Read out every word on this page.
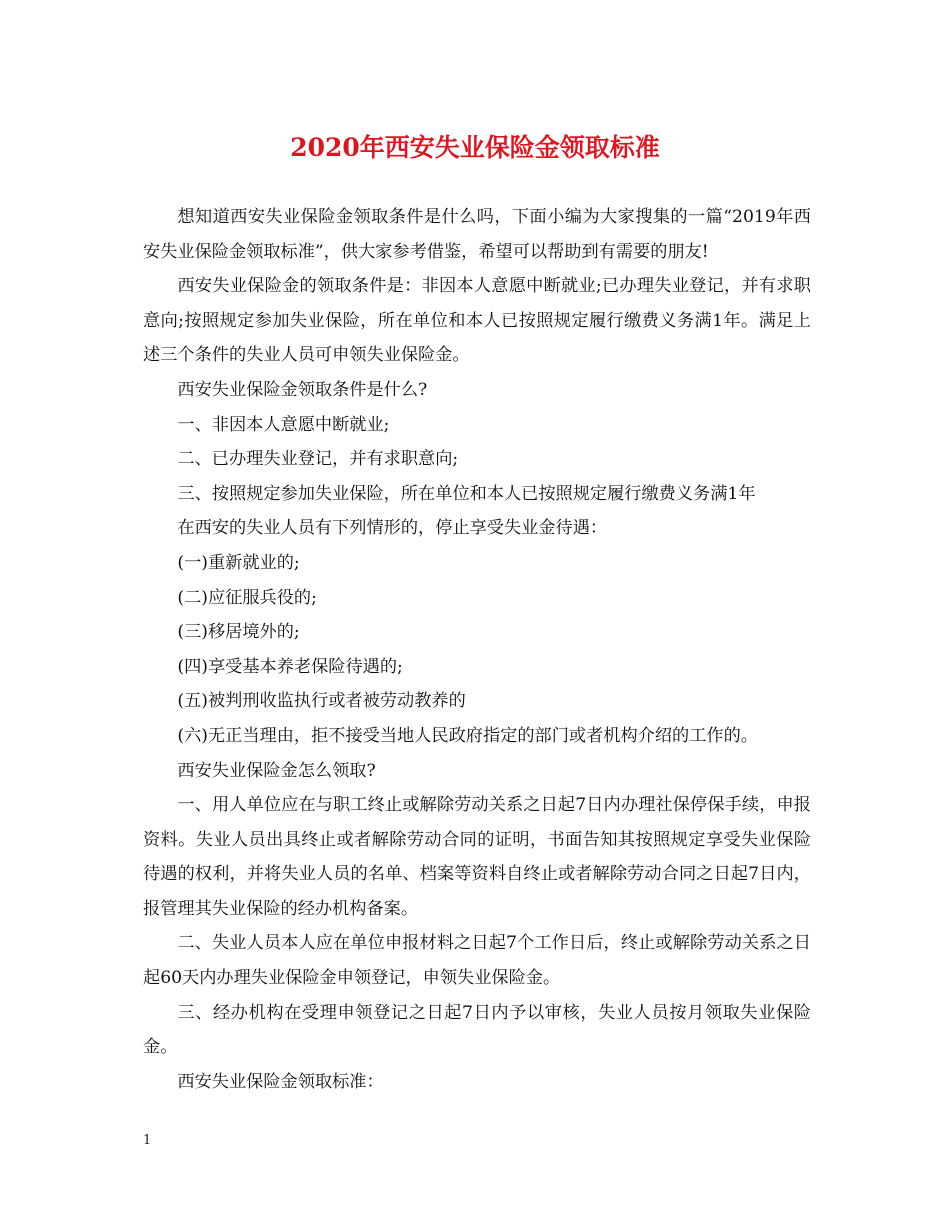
2020年西安失业保险金领取标准

想知道西安失业保险金领取条件是什么吗，下面小编为大家搜集的一篇“2019年西安失业保险金领取标准”，供大家参考借鉴，希望可以帮助到有需要的朋友!

西安失业保险金的领取条件是：非因本人意愿中断就业;已办理失业登记，并有求职意向;按照规定参加失业保险，所在单位和本人已按照规定履行缴费义务满1年。满足上述三个条件的失业人员可申领失业保险金。

西安失业保险金领取条件是什么?

一、非因本人意愿中断就业;

二、已办理失业登记，并有求职意向;

三、按照规定参加失业保险，所在单位和本人已按照规定履行缴费义务满1年

在西安的失业人员有下列情形的，停止享受失业金待遇：

(一)重新就业的;

(二)应征服兵役的;

(三)移居境外的;

(四)享受基本养老保险待遇的;

(五)被判刑收监执行或者被劳动教养的

(六)无正当理由，拒不接受当地人民政府指定的部门或者机构介绍的工作的。

西安失业保险金怎么领取?

一、用人单位应在与职工终止或解除劳动关系之日起7日内办理社保停保手续，申报资料。失业人员出具终止或者解除劳动合同的证明，书面告知其按照规定享受失业保险待遇的权利，并将失业人员的名单、档案等资料自终止或者解除劳动合同之日起7日内，报管理其失业保险的经办机构备案。

二、失业人员本人应在单位申报材料之日起7个工作日后，终止或解除劳动关系之日起60天内办理失业保险金申领登记，申领失业保险金。

三、经办机构在受理申领登记之日起7日内予以审核，失业人员按月领取失业保险金。

西安失业保险金领取标准：

1
